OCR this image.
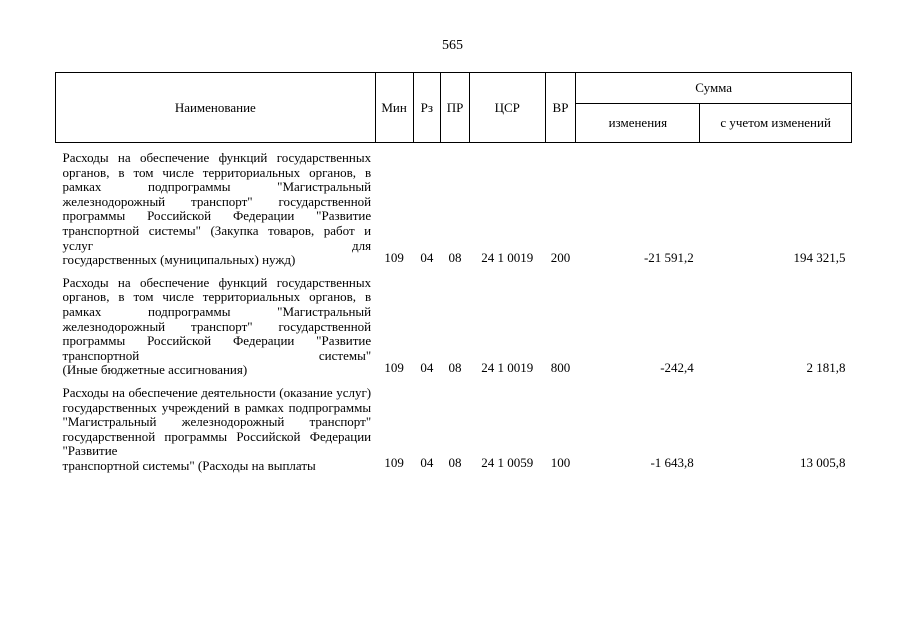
565
Наименование	Мин	Рз	ПР	ЦСР	ВР	Сумма	
						изменения	с учетом изменений
Расходы на обеспечение функций государственных органов, в том числе территориальных органов, в рамках подпрограммы "Магистральный железнодорожный транспорт" государственной программы Российской Федерации "Развитие транспортной системы" (Закупка товаров, работ и услуг для
государственных (муниципальных) нужд)	109	04	08	24 1 0019	200	-21 591,2	194 321,5
Расходы на обеспечение функций государственных органов, в том числе территориальных органов, в рамках подпрограммы "Магистральный железнодорожный транспорт" государственной программы Российской Федерации "Развитие транспортной системы"
(Иные бюджетные ассигнования)	109	04	08	24 1 0019	800	-242,4	2 181,8
Расходы на обеспечение деятельности (оказание услуг) государственных учреждений в рамках подпрограммы "Магистральный железнодорожный транспорт" государственной программы Российской Федерации "Развитие
транспортной системы" (Расходы на выплаты	109	04	08	24 1 0059	100	-1 643,8	13 005,8
